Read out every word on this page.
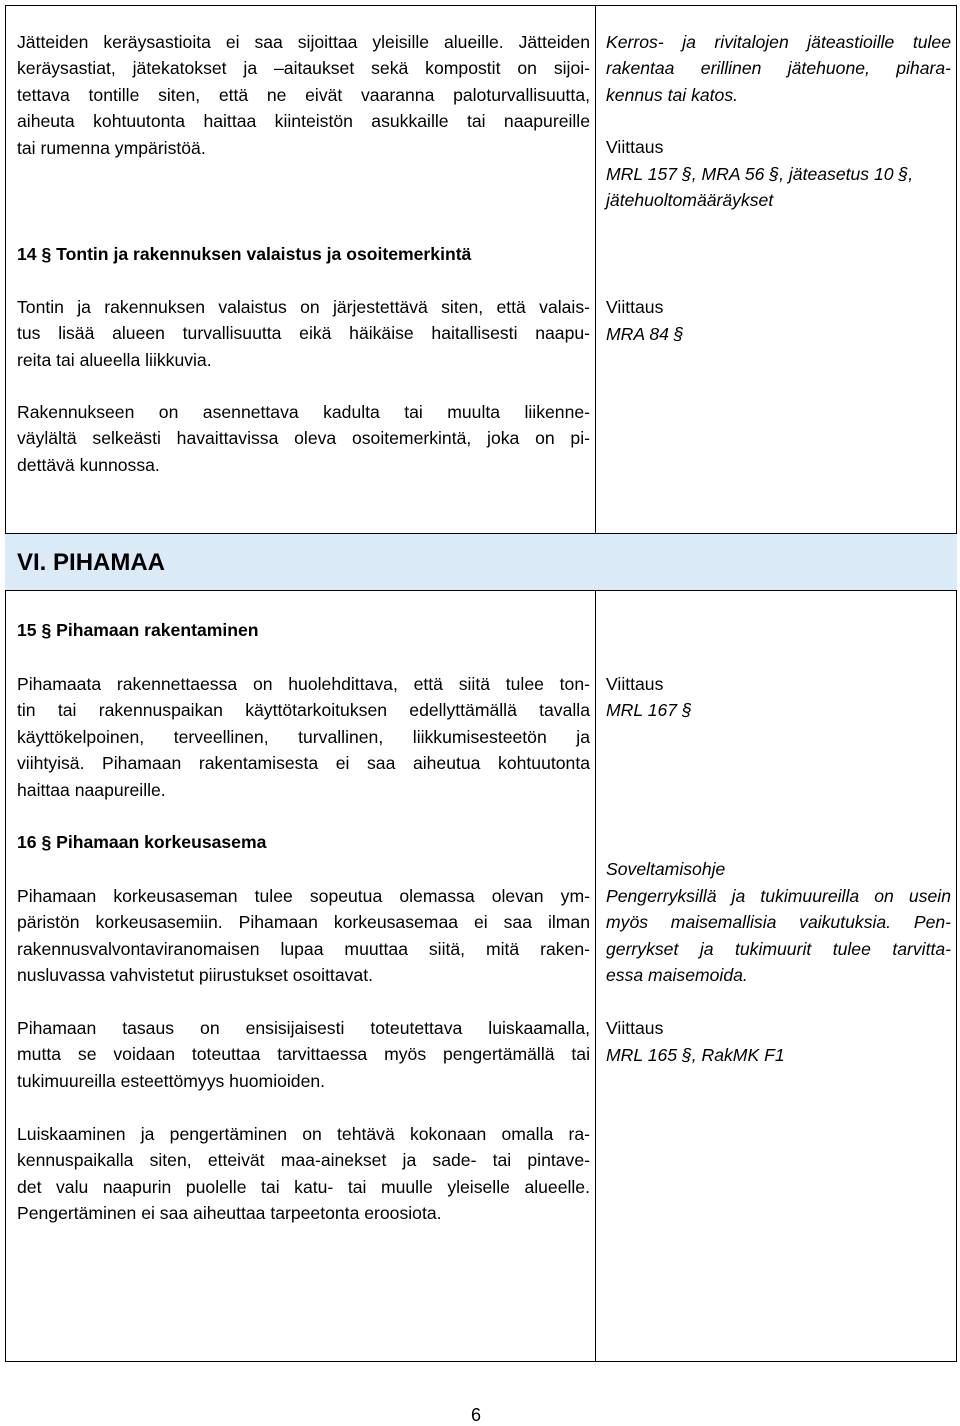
Jätteiden keräysastioita ei saa sijoittaa yleisille alueille. Jätteiden
keräysastiat, jätekatokset ja –aitaukset sekä kompostit on sijoi-
tettava tontille siten, että ne eivät vaaranna paloturvallisuutta,
aiheuta kohtuutonta haittaa kiinteistön asukkaille tai naapureille
tai rumenna ympäristöä.
Kerros- ja rivitalojen jäteastioille tulee
rakentaa erillinen jätehuone, pihara-
kennus tai katos.
Viittaus
MRL 157 §, MRA 56 §, jäteasetus 10 §,
jätehuoltomääräykset
14 § Tontin ja rakennuksen valaistus ja osoitemerkintä
Tontin ja rakennuksen valaistus on järjestettävä siten, että valais-
tus lisää alueen turvallisuutta eikä häikäise haitallisesti naapu-
reita tai alueella liikkuvia.
Rakennukseen on asennettava kadulta tai muulta liikenne-
väylältä selkeästi havaittavissa oleva osoitemerkintä, joka on pi-
dettävä kunnossa.
Viittaus
MRA 84 §
VI. PIHAMAA
15 § Pihamaan rakentaminen
Pihamaata rakennettaessa on huolehdittava, että siitä tulee ton-
tin tai rakennuspaikan käyttötarkoituksen edellyttämällä tavalla
käyttökelpoinen, terveellinen, turvallinen, liikkumisesteetön ja
viihtyisä. Pihamaan rakentamisesta ei saa aiheutua kohtuutonta
haittaa naapureille.
Viittaus
MRL 167 §
16 § Pihamaan korkeusasema
Pihamaan korkeusaseman tulee sopeutua olemassa olevan ym-
päristön korkeusasemiin. Pihamaan korkeusasemaa ei saa ilman
rakennusvalvontaviranomaisen lupaa muuttaa siitä, mitä raken-
nusluvassa vahvistetut piirustukset osoittavat.
Pihamaan tasaus on ensisijaisesti toteutettava luiskaamalla,
mutta se voidaan toteuttaa tarvittaessa myös pengertämällä tai
tukimuureilla esteettömyys huomioiden.
Luiskaaminen ja pengertäminen on tehtävä kokonaan omalla ra-
kennuspaikalla siten, etteivät maa-ainekset ja sade- tai pintave-
det valu naapurin puolelle tai katu- tai muulle yleiselle alueelle.
Pengertäminen ei saa aiheuttaa tarpeetonta eroosiota.
Soveltamisohje
Pengerryksillä ja tukimuureilla on usein
myös maisemallisia vaikutuksia. Pen-
gerrykset ja tukimuurit tulee tarvitta-
essa maisemoida.
Viittaus
MRL 165 §, RakMK F1
6
